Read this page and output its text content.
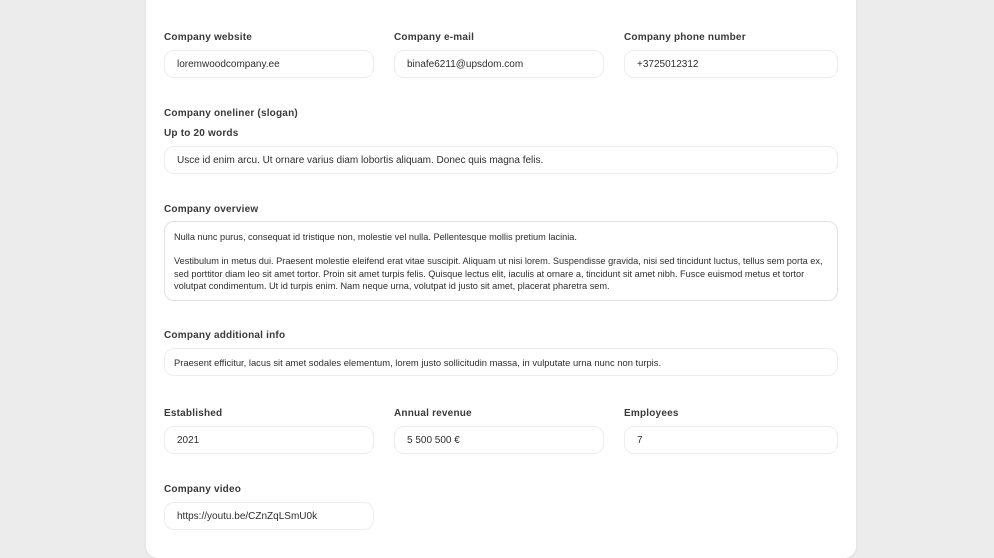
Company website
loremwoodcompany.ee
Company e-mail
binafe6211@upsdom.com
Company phone number
+3725012312
Company oneliner (slogan)
Up to 20 words
Usce id enim arcu. Ut ornare varius diam lobortis aliquam. Donec quis magna felis.
Company overview

Nulla nunc purus, consequat id tristique non, molestie vel nulla. Pellentesque mollis pretium lacinia.

Vestibulum in metus dui. Praesent molestie eleifend erat vitae suscipit. Aliquam ut nisi lorem. Suspendisse gravida, nisi sed tincidunt luctus, tellus sem porta ex, sed porttitor diam leo sit amet tortor. Proin sit amet turpis felis. Quisque lectus elit, iaculis at ornare a, tincidunt sit amet nibh. Fusce euismod metus et tortor volutpat condimentum. Ut id turpis enim. Nam neque urna, volutpat id justo sit amet, placerat pharetra sem.

Company additional info
Praesent efficitur, lacus sit amet sodales elementum, lorem justo sollicitudin massa, in vulputate urna nunc non turpis.
Established
2021
Annual revenue
5 500 500 €
Employees
7
Company video
https://youtu.be/CZnZqLSmU0k
